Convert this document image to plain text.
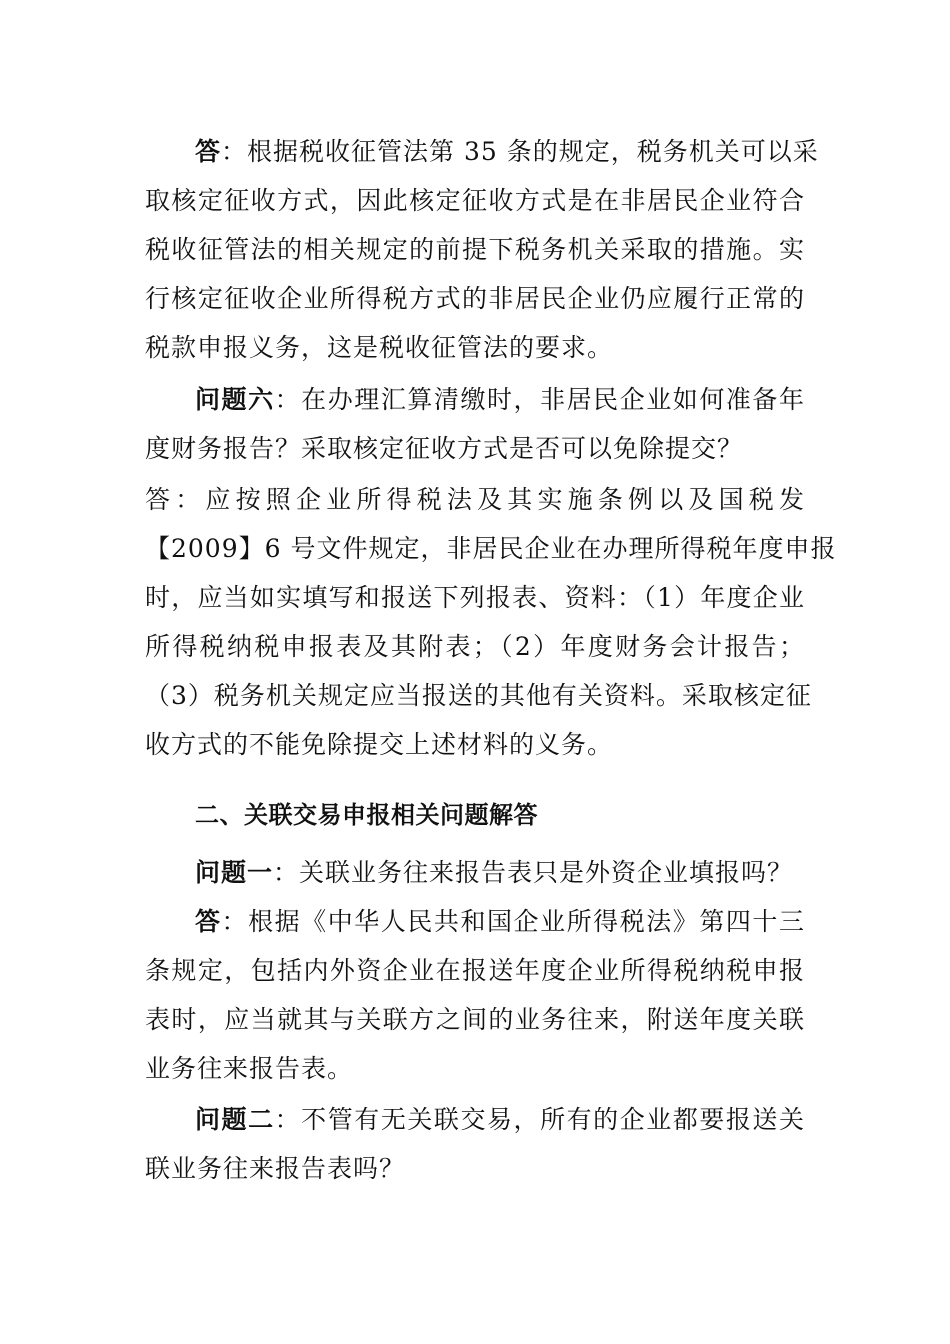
答：根据税收征管法第 35 条的规定，税务机关可以采
取核定征收方式，因此核定征收方式是在非居民企业符合
税收征管法的相关规定的前提下税务机关采取的措施。实
行核定征收企业所得税方式的非居民企业仍应履行正常的
税款申报义务，这是税收征管法的要求。
问题六：在办理汇算清缴时，非居民企业如何准备年
度财务报告？采取核定征收方式是否可以免除提交？
答：应按照企业所得税法及其实施条例以及国税发
【2009】6 号文件规定，非居民企业在办理所得税年度申报
时，应当如实填写和报送下列报表、资料：（1）年度企业
所得税纳税申报表及其附表；（2）年度财务会计报告；
（3）税务机关规定应当报送的其他有关资料。采取核定征
收方式的不能免除提交上述材料的义务。
二、关联交易申报相关问题解答
问题一：关联业务往来报告表只是外资企业填报吗？
答：根据《中华人民共和国企业所得税法》第四十三
条规定，包括内外资企业在报送年度企业所得税纳税申报
表时，应当就其与关联方之间的业务往来，附送年度关联
业务往来报告表。
问题二：不管有无关联交易，所有的企业都要报送关
联业务往来报告表吗？
